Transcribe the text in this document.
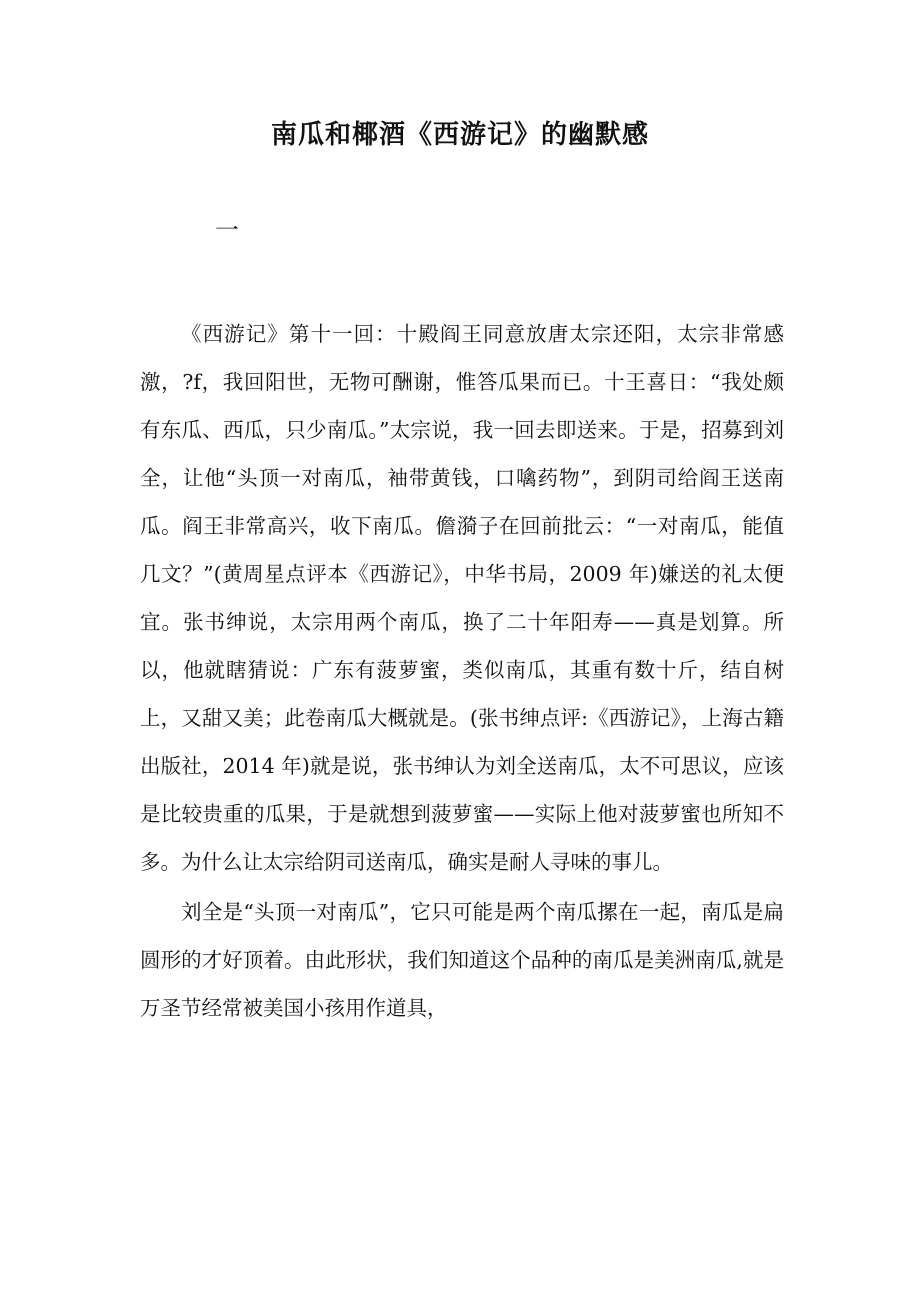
南瓜和椰酒《西游记》的幽默感
一

《西游记》第十一回：十殿阎王同意放唐太宗还阳，太宗非常感激，?f，我回阳世，无物可酬谢，惟答瓜果而已。十王喜日：“我处颇有东瓜、西瓜，只少南瓜。”太宗说，我一回去即送来。于是，招募到刘全，让他“头顶一对南瓜，袖带黄钱，口噙药物”，到阴司给阎王送南瓜。阎王非常高兴，收下南瓜。儋漪子在回前批云：“一对南瓜，能值几文？”(黄周星点评本《西游记》，中华书局，2009 年)嫌送的礼太便宜。张书绅说，太宗用两个南瓜，换了二十年阳寿——真是划算。所以，他就瞎猜说：广东有菠萝蜜，类似南瓜，其重有数十斤，结自树上，又甜又美；此卷南瓜大概就是。(张书绅点评:《西游记》，上海古籍出版社，2014 年)就是说，张书绅认为刘全送南瓜，太不可思议，应该是比较贵重的瓜果，于是就想到菠萝蜜——实际上他对菠萝蜜也所知不多。为什么让太宗给阴司送南瓜，确实是耐人寻味的事儿。

刘全是“头顶一对南瓜”，它只可能是两个南瓜摞在一起，南瓜是扁圆形的才好顶着。由此形状，我们知道这个品种的南瓜是美洲南瓜,就是万圣节经常被美国小孩用作道具，
